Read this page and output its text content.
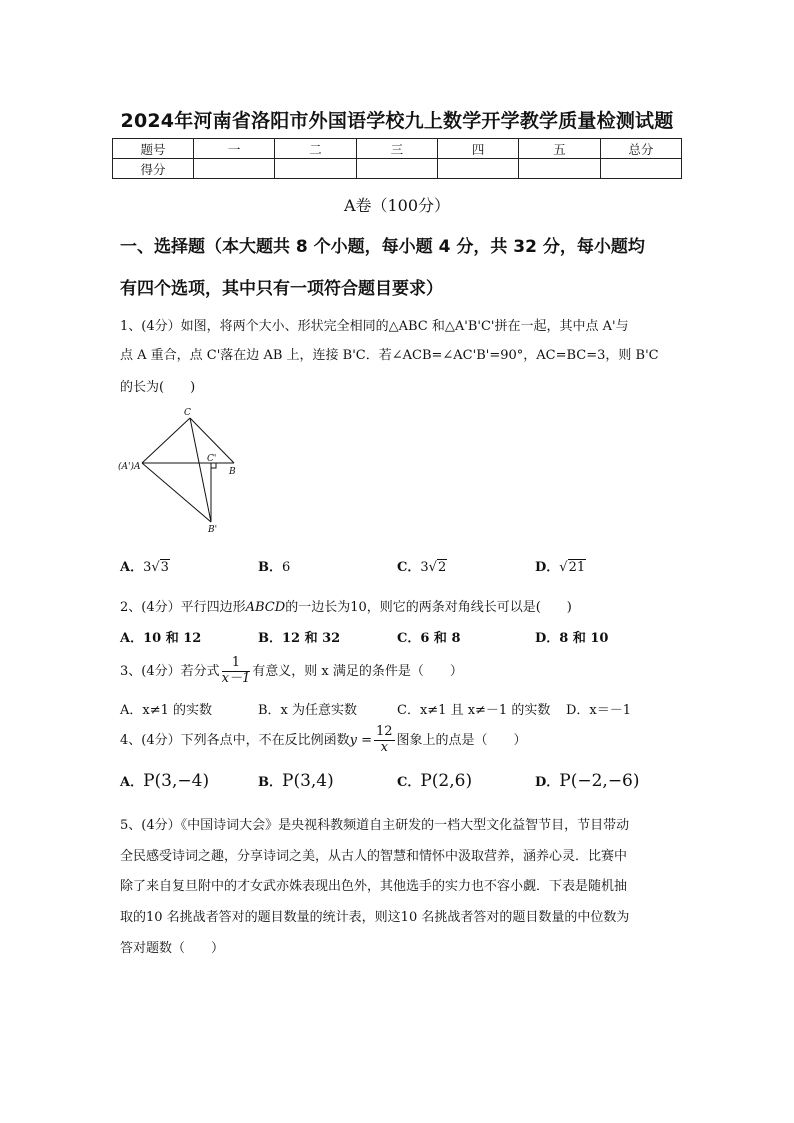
2024年河南省洛阳市外国语学校九上数学开学教学质量检测试题
题号	一	二	三	四	五	总分
得分						
A卷（100分）
一、选择题（本大题共 8 个小题，每小题 4 分，共 32 分，每小题均
有四个选项，其中只有一项符合题目要求）
1、(4分）如图，将两个大小、形状完全相同的△ABC 和△A'B'C'拼在一起，其中点 A'与
点 A 重合，点 C'落在边 AB 上，连接 B'C．若∠ACB=∠AC'B'=90°，AC=BC=3，则 B'C
的长为(　　)
C
C'
(A')A	B
B'
A．3√3	B．6	C．3√2	D．√21
2、(4分）平行四边形ABCD的一边长为10，则它的两条对角线长可以是(　　)
A．10 和 12	B．12 和 32	C．6 和 8	D．8 和 10
3、(4分）若分式 $\frac{1}{x-1}$ 有意义，则 x 满足的条件是（　　）
A．x≠1 的实数	B．x 为任意实数	C．x≠1 且 x≠－1 的实数 D．x＝－1
4、(4分）下列各点中，不在反比例函数$y = \frac{12}{x}$ 图象上的点是（　　）
A．P(3,−4)	B．P(3,4)	C．P(2,6)	D．P(−2,−6)
5、(4分）《中国诗词大会》是央视科教频道自主研发的一档大型文化益智节目，节目带动
全民感受诗词之趣，分享诗词之美，从古人的智慧和情怀中汲取营养，涵养心灵．比赛中
除了来自复旦附中的才女武亦姝表现出色外，其他选手的实力也不容小觑．下表是随机抽
取的10 名挑战者答对的题目数量的统计表，则这10 名挑战者答对的题目数量的中位数为
答对题数（　　）
